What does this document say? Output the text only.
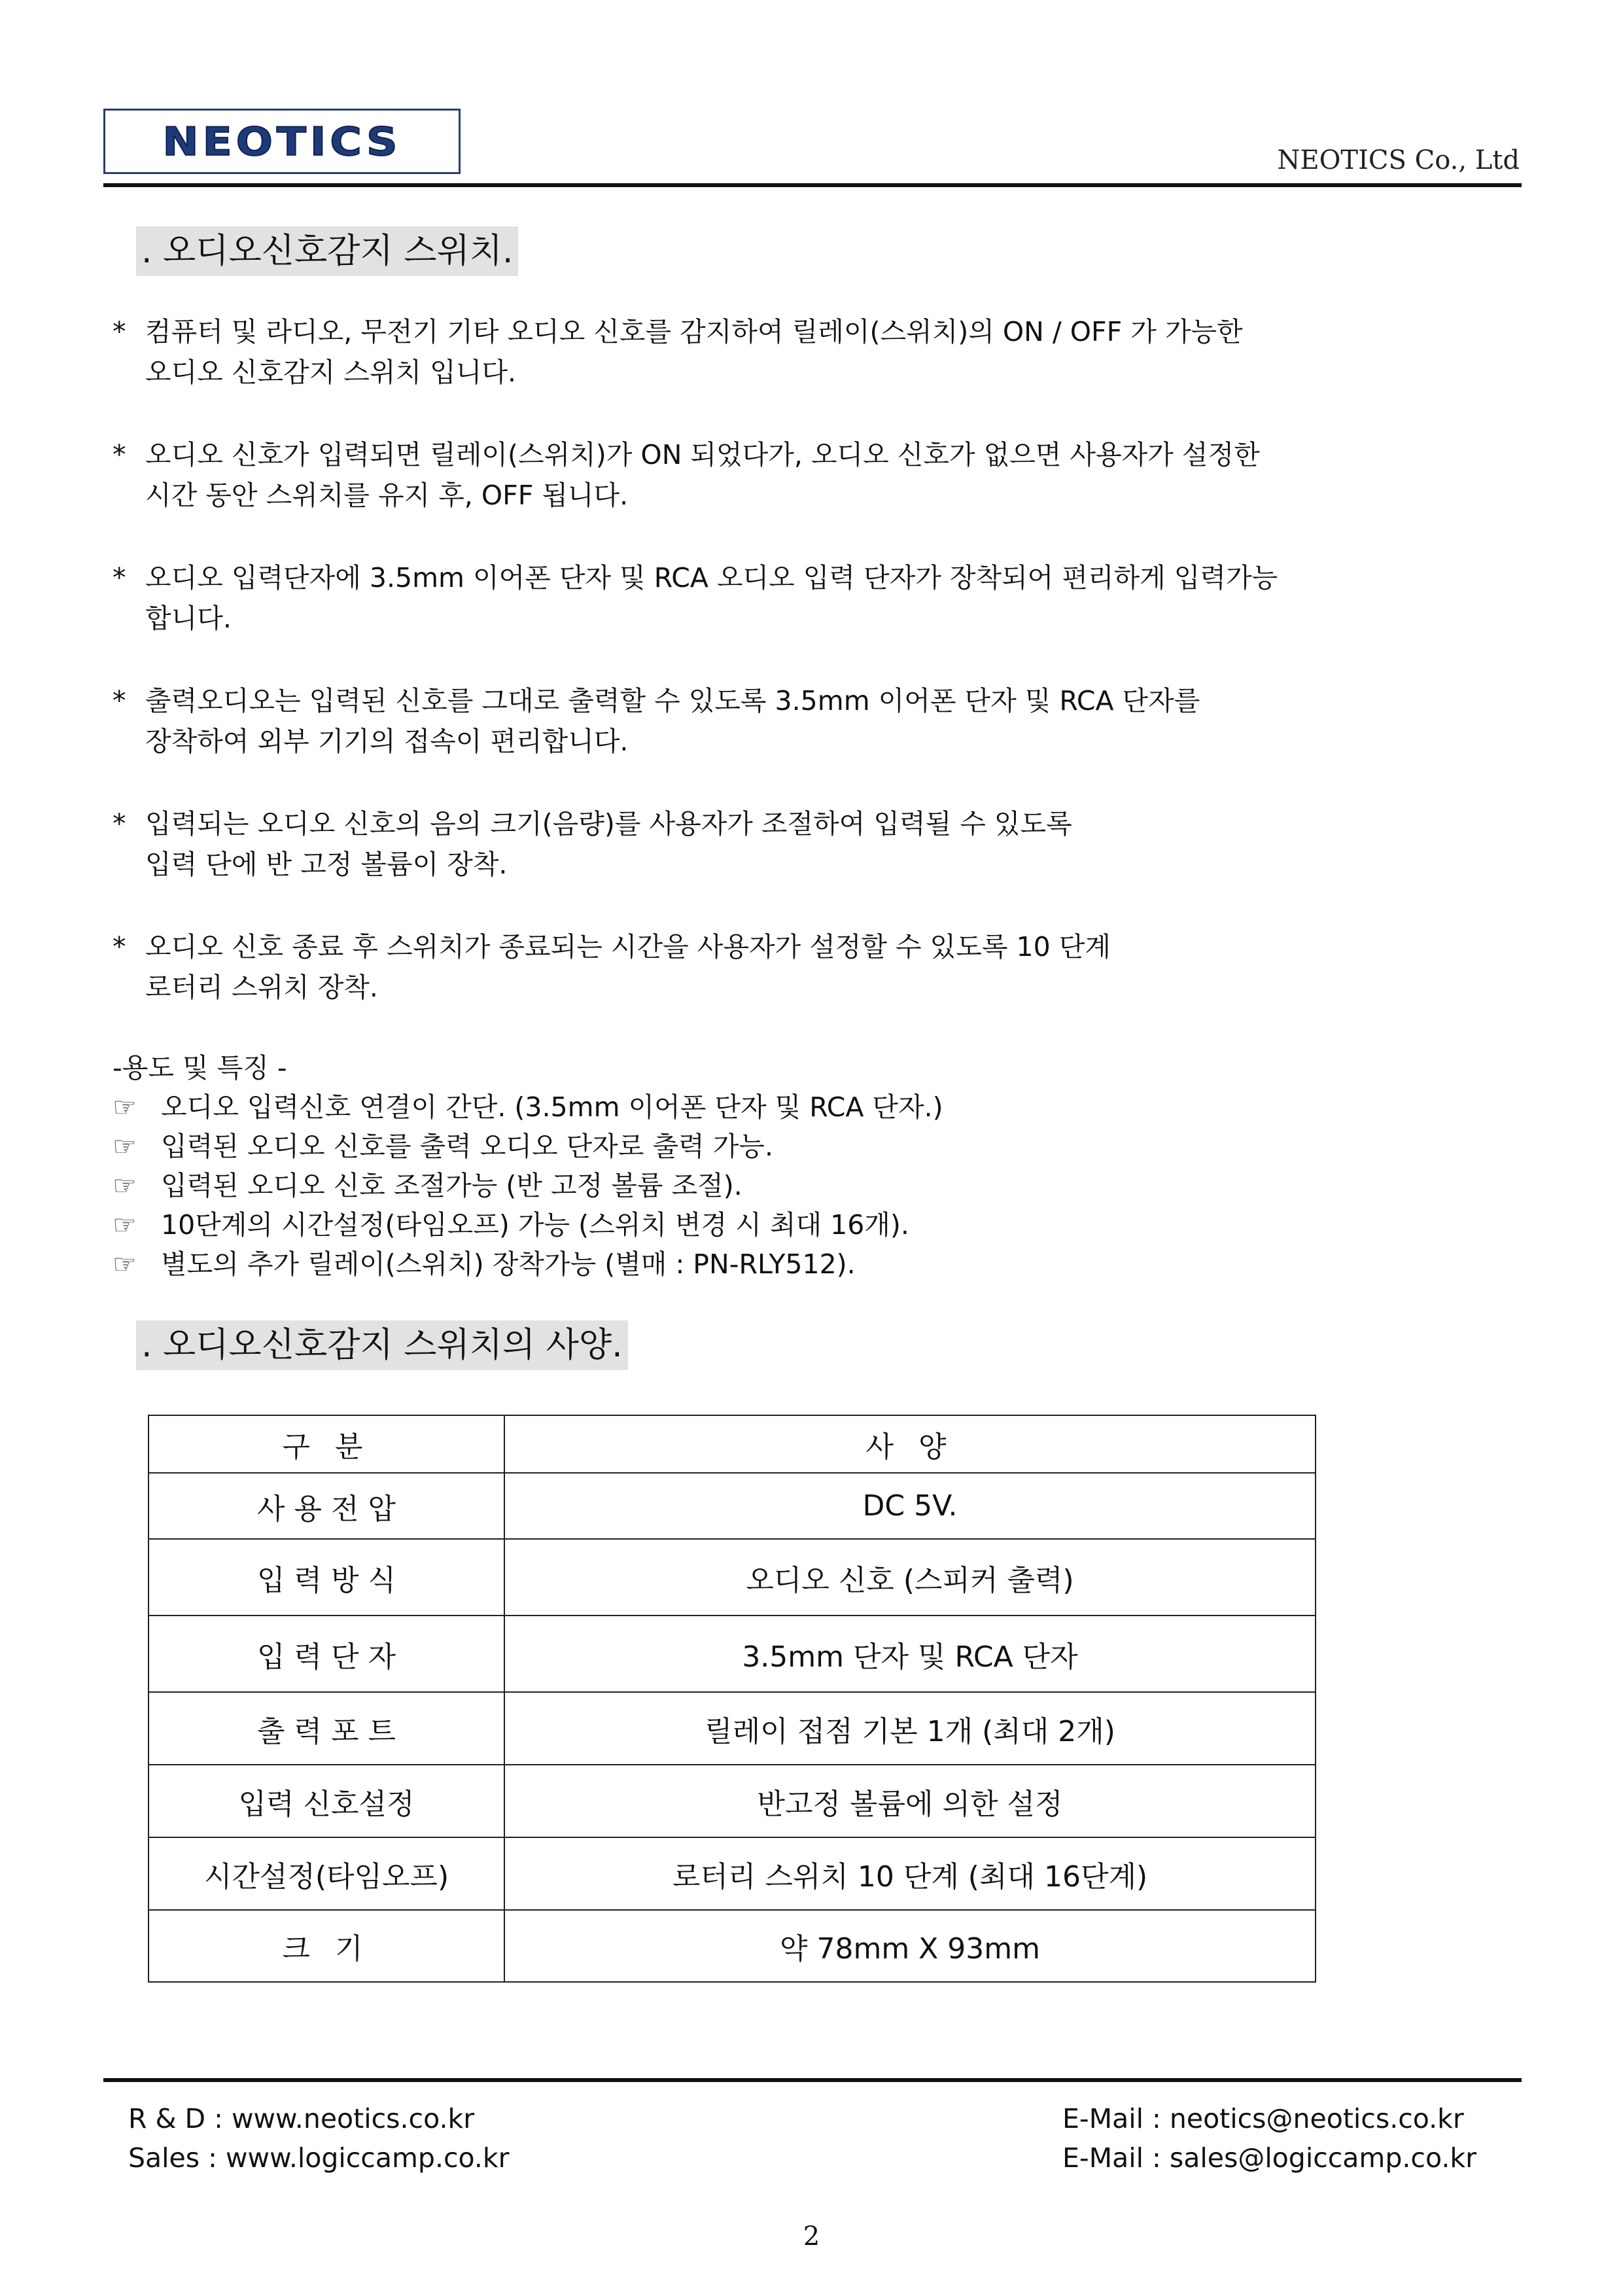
NEOTICS	NEOTICS Co., Ltd
. 오디오신호감지 스위치.
* 컴퓨터 및 라디오, 무전기 기타 오디오 신호를 감지하여 릴레이(스위치)의 ON / OFF 가 가능한
오디오 신호감지 스위치 입니다.
* 오디오 신호가 입력되면 릴레이(스위치)가 ON 되었다가, 오디오 신호가 없으면 사용자가 설정한
시간 동안 스위치를 유지 후, OFF 됩니다.
* 오디오 입력단자에 3.5mm 이어폰 단자 및 RCA 오디오 입력 단자가 장착되어 편리하게 입력가능
합니다.
* 출력오디오는 입력된 신호를 그대로 출력할 수 있도록 3.5mm 이어폰 단자 및 RCA 단자를
장착하여 외부 기기의 접속이 편리합니다.
* 입력되는 오디오 신호의 음의 크기(음량)를 사용자가 조절하여 입력될 수 있도록
입력 단에 반 고정 볼륨이 장착.
* 오디오 신호 종료 후 스위치가 종료되는 시간을 사용자가 설정할 수 있도록 10 단계
로터리 스위치 장착.
-용도 및 특징 -
☞ 오디오 입력신호 연결이 간단. (3.5mm 이어폰 단자 및 RCA 단자.)
☞ 입력된 오디오 신호를 출력 오디오 단자로 출력 가능.
☞ 입력된 오디오 신호 조절가능 (반 고정 볼륨 조절).
☞ 10단계의 시간설정(타임오프) 가능 (스위치 변경 시 최대 16개).
☞ 별도의 추가 릴레이(스위치) 장착가능 (별매 : PN-RLY512).
. 오디오신호감지 스위치의 사양.
구 분	사 양
사 용 전 압	DC 5V.
입 력 방 식	오디오 신호 (스피커 출력)
입 력 단 자	3.5mm 단자 및 RCA 단자
출 력 포 트	릴레이 접점 기본 1개 (최대 2개)
입력 신호설정	반고정 볼륨에 의한 설정
시간설정(타임오프)	로터리 스위치 10 단계 (최대 16단계)
크 기	약 78mm X 93mm
R & D : www.neotics.co.kr
Sales : www.logiccamp.co.kr
E-Mail : neotics@neotics.co.kr
E-Mail : sales@logiccamp.co.kr
2
